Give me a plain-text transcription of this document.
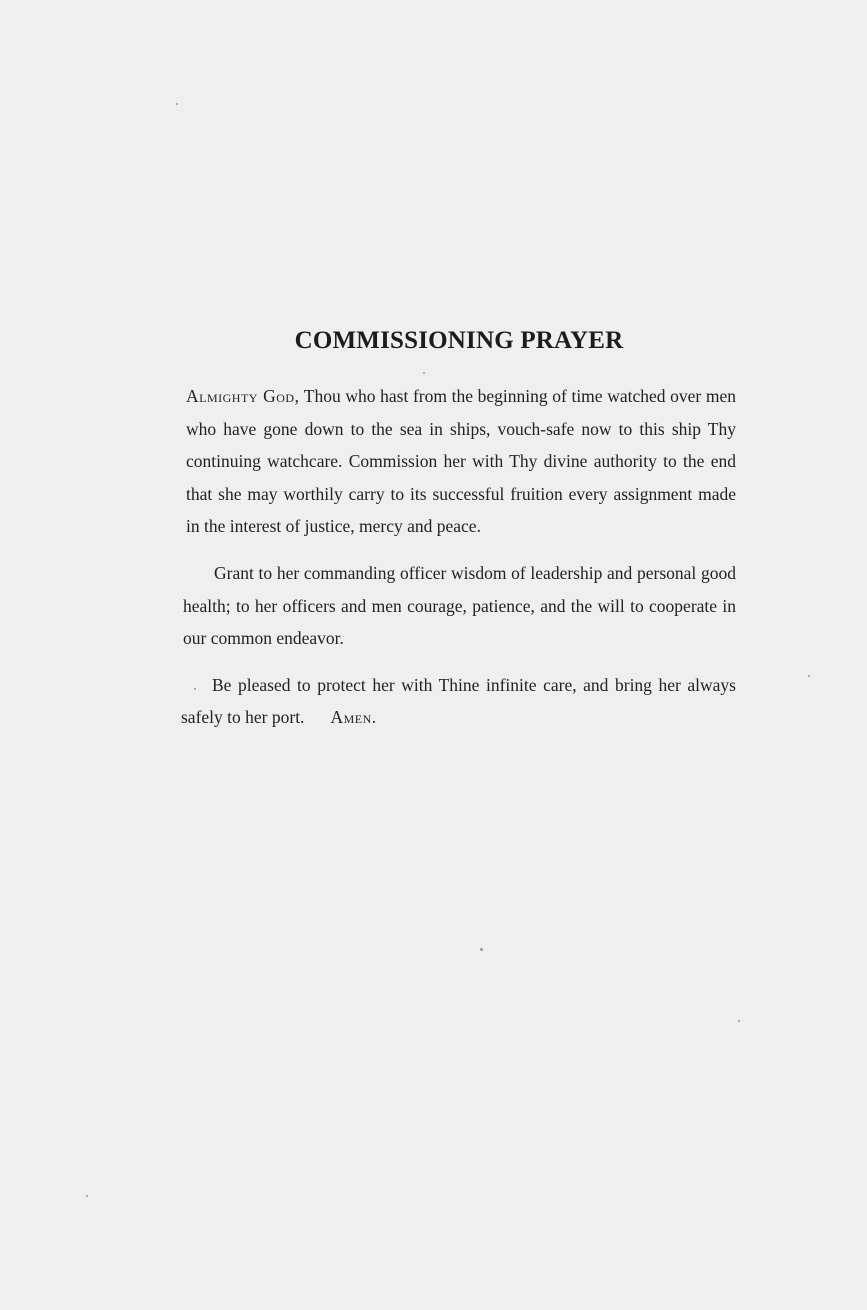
COMMISSIONING PRAYER

Almighty God, Thou who hast from the beginning of time watched over men who have gone down to the sea in ships, vouch-safe now to this ship Thy continuing watchcare. Commission her with Thy divine authority to the end that she may worthily carry to its successful fruition every assignment made in the interest of justice, mercy and peace.

Grant to her commanding officer wisdom of leadership and personal good health; to her officers and men courage, patience, and the will to cooperate in our common endeavor.

Be pleased to protect her with Thine infinite care, and bring her always safely to her port. Amen.
